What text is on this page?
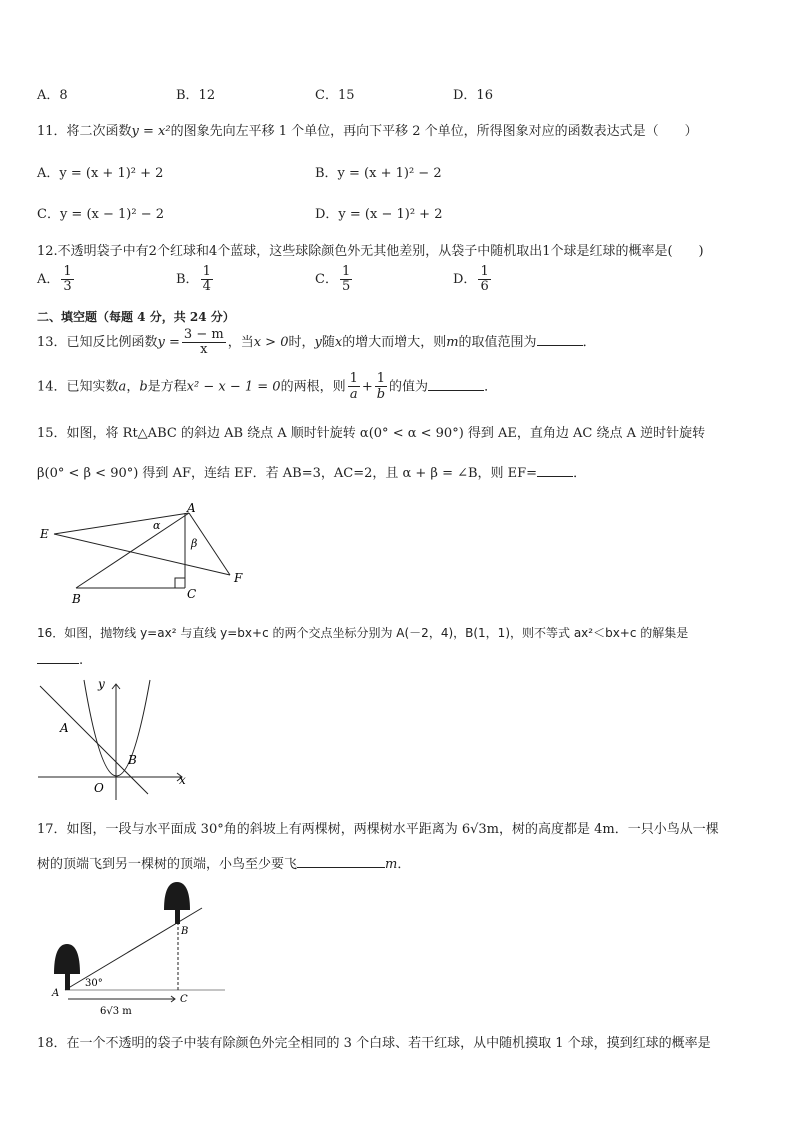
A．8	B．12	C．15	D．16
11．将二次函数y = x²的图象先向左平移 1 个单位，再向下平移 2 个单位，所得图象对应的函数表达式是（　　）
A．y = (x + 1)² + 2	B．y = (x + 1)² − 2
C．y = (x − 1)² − 2	D．y = (x − 1)² + 2
12.不透明袋子中有2个红球和4个蓝球，这些球除颜色外无其他差别，从袋子中随机取出1个球是红球的概率是(　　)
A． $\frac{1}{3}$	B． $\frac{1}{4}$	C． $\frac{1}{5}$	D． $\frac{1}{6}$
二、填空题（每题 4 分，共 24 分）
13．已知反比例函数$y = \frac{3 - m}{x}$ ，当x > 0时，y随x的增大而增大，则m的取值范围为	．
14．已知实数a，b是方程x² − x − 1 = 0的两根，则 $\frac{1}{a} + \frac{1}{b}$ 的值为	．
15．如图，将 Rt△ABC 的斜边 AB 绕点 A 顺时针旋转 α(0° < α < 90°) 得到 AE，直角边 AC 绕点 A 逆时针旋转
β(0° < β < 90°) 得到 AF，连结 EF．若 AB=3，AC=2，且 α + β = ∠B，则 EF=	．
E
A
F
B	C
α
β
16．如图，抛物线 y=ax² 与直线 y=bx+c 的两个交点坐标分别为 A(－2，4)，B(1，1)，则不等式 ax²＜bx+c 的解集是
.
y
x
O
A
B
17．如图，一段与水平面成 30°角的斜坡上有两棵树，两棵树水平距离为 6√3m，树的高度都是 4m．一只小鸟从一棵
树的顶端飞到另一棵树的顶端，小鸟至少要飞	m．
A
B
C
30°
6√3 m
18．在一个不透明的袋子中装有除颜色外完全相同的 3 个白球、若干红球，从中随机摸取 1 个球，摸到红球的概率是
